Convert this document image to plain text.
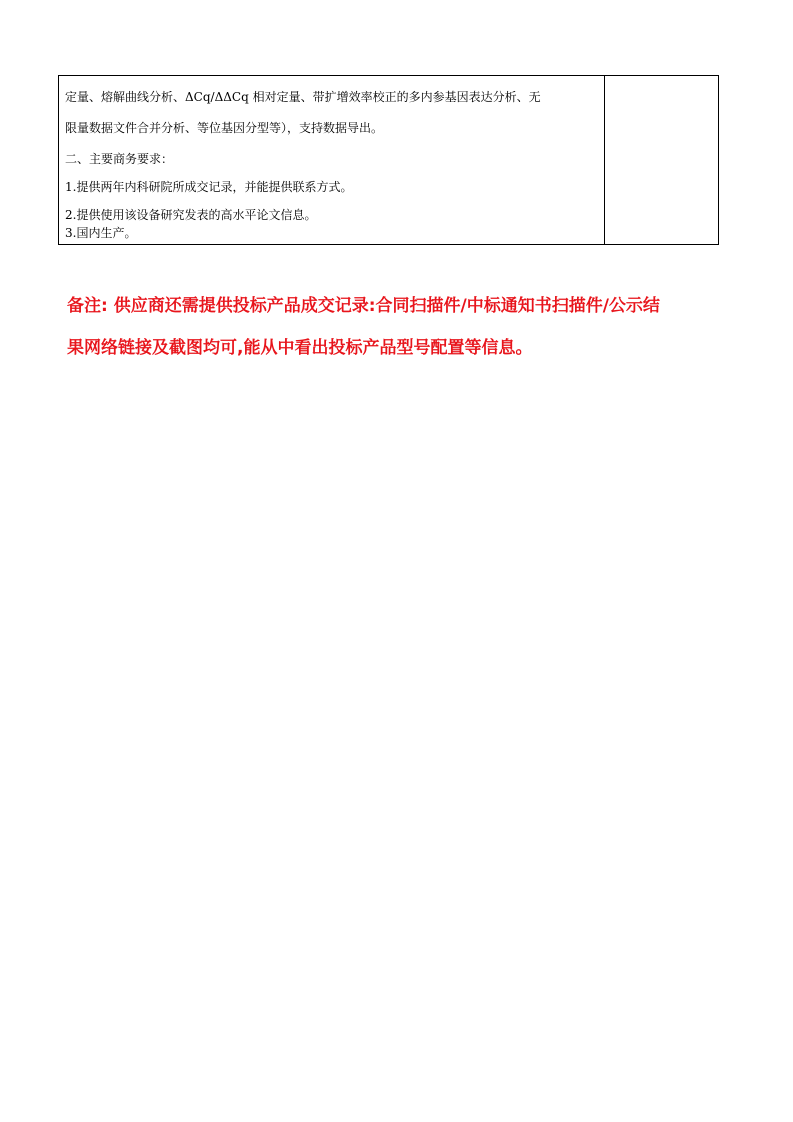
定量、熔解曲线分析、ΔCq/ΔΔCq 相对定量、带扩增效率校正的多内参基因表达分析、无
限量数据文件合并分析、等位基因分型等），支持数据导出。
二、主要商务要求：
1.提供两年内科研院所成交记录，并能提供联系方式。
2.提供使用该设备研究发表的高水平论文信息。
3.国内生产。

备注: 供应商还需提供投标产品成交记录:合同扫描件/中标通知书扫描件/公示结
果网络链接及截图均可,能从中看出投标产品型号配置等信息。
